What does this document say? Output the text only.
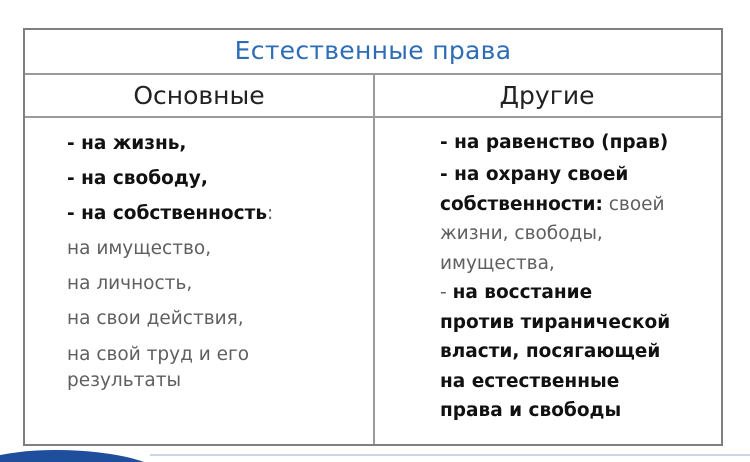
Естественные права
Основные	Другие
- на жизнь,
- на свободу,
- на собственность:
на имущество,
на личность,
на свои действия,
на свой труд и его
результаты
- на равенство (прав)
- на охрану своей
собственности: своей
жизни, свободы,
имущества,
- на восстание
против тиранической
власти, посягающей
на естественные
права и свободы
